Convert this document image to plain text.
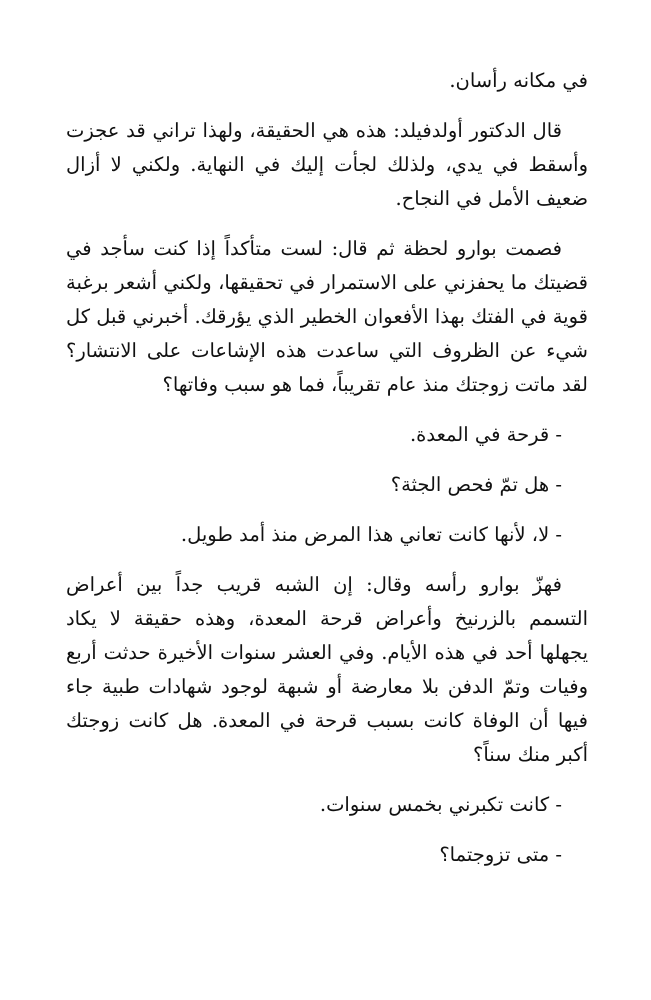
في مكانه رأسان.

قال الدكتور أولدفيلد: هذه هي الحقيقة، ولهذا تراني قد عجزت وأسقط في يدي، ولذلك لجأت إليك في النهاية. ولكني لا أزال ضعيف الأمل في النجاح.

فصمت بوارو لحظة ثم قال: لست متأكداً إذا كنت سأجد في قضيتك ما يحفزني على الاستمرار في تحقيقها، ولكني أشعر برغبة قوية في الفتك بهذا الأفعوان الخطير الذي يؤرقك. أخبرني قبل كل شيء عن الظروف التي ساعدت هذه الإشاعات على الانتشار؟ لقد ماتت زوجتك منذ عام تقريباً، فما هو سبب وفاتها؟

- قرحة في المعدة.

- هل تمّ فحص الجثة؟

- لا، لأنها كانت تعاني هذا المرض منذ أمد طويل.

فهزّ بوارو رأسه وقال: إن الشبه قريب جداً بين أعراض التسمم بالزرنيخ وأعراض قرحة المعدة، وهذه حقيقة لا يكاد يجهلها أحد في هذه الأيام. وفي العشر سنوات الأخيرة حدثت أربع وفيات وتمّ الدفن بلا معارضة أو شبهة لوجود شهادات طبية جاء فيها أن الوفاة كانت بسبب قرحة في المعدة. هل كانت زوجتك أكبر منك سناً؟

- كانت تكبرني بخمس سنوات.

- متى تزوجتما؟
